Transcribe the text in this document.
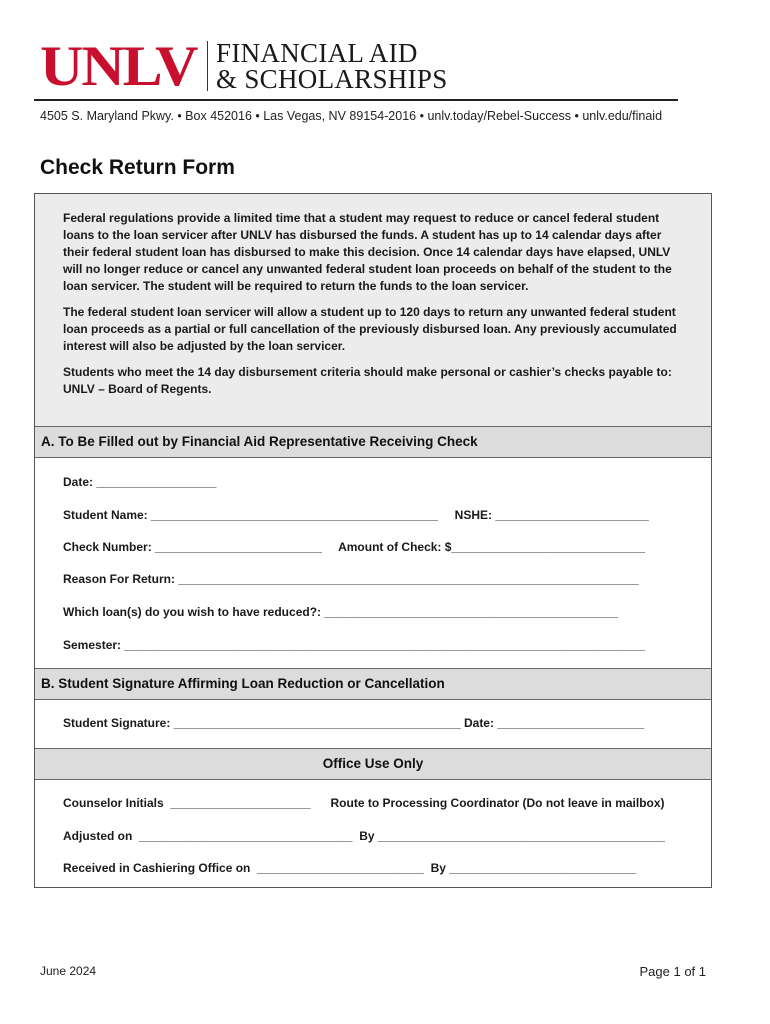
UNLV FINANCIAL AID
& SCHOLARSHIPS
4505 S. Maryland Pkwy. • Box 452016 • Las Vegas, NV 89154-2016 • unlv.today/Rebel-Success • unlv.edu/finaid
Check Return Form

Federal regulations provide a limited time that a student may request to reduce or cancel federal student loans to the loan servicer after UNLV has disbursed the funds. A student has up to 14 calendar days after their federal student loan has disbursed to make this decision. Once 14 calendar days have elapsed, UNLV will no longer reduce or cancel any unwanted federal student loan proceeds on behalf of the student to the loan servicer. The student will be required to return the funds to the loan servicer.

The federal student loan servicer will allow a student up to 120 days to return any unwanted federal student loan proceeds as a partial or full cancellation of the previously disbursed loan. Any previously accumulated interest will also be adjusted by the loan servicer.

Students who meet the 14 day disbursement criteria should make personal or cashier’s checks payable to: UNLV – Board of Regents.

A. To Be Filled out by Financial Aid Representative Receiving Check
Date: __________________
Student Name: ___________________________________________     NSHE: _______________________
Check Number: _________________________     Amount of Check: $_____________________________
Reason For Return: _____________________________________________________________________
Which loan(s) do you wish to have reduced?: ____________________________________________
Semester: ______________________________________________________________________________
B. Student Signature Affirming Loan Reduction or Cancellation
Student Signature: ___________________________________________ Date: ______________________
Office Use Only
Counselor Initials  _____________________      Route to Processing Coordinator (Do not leave in mailbox)
Adjusted on  ________________________________  By ___________________________________________
Received in Cashiering Office on  _________________________  By ____________________________
June 2024	Page 1 of 1
